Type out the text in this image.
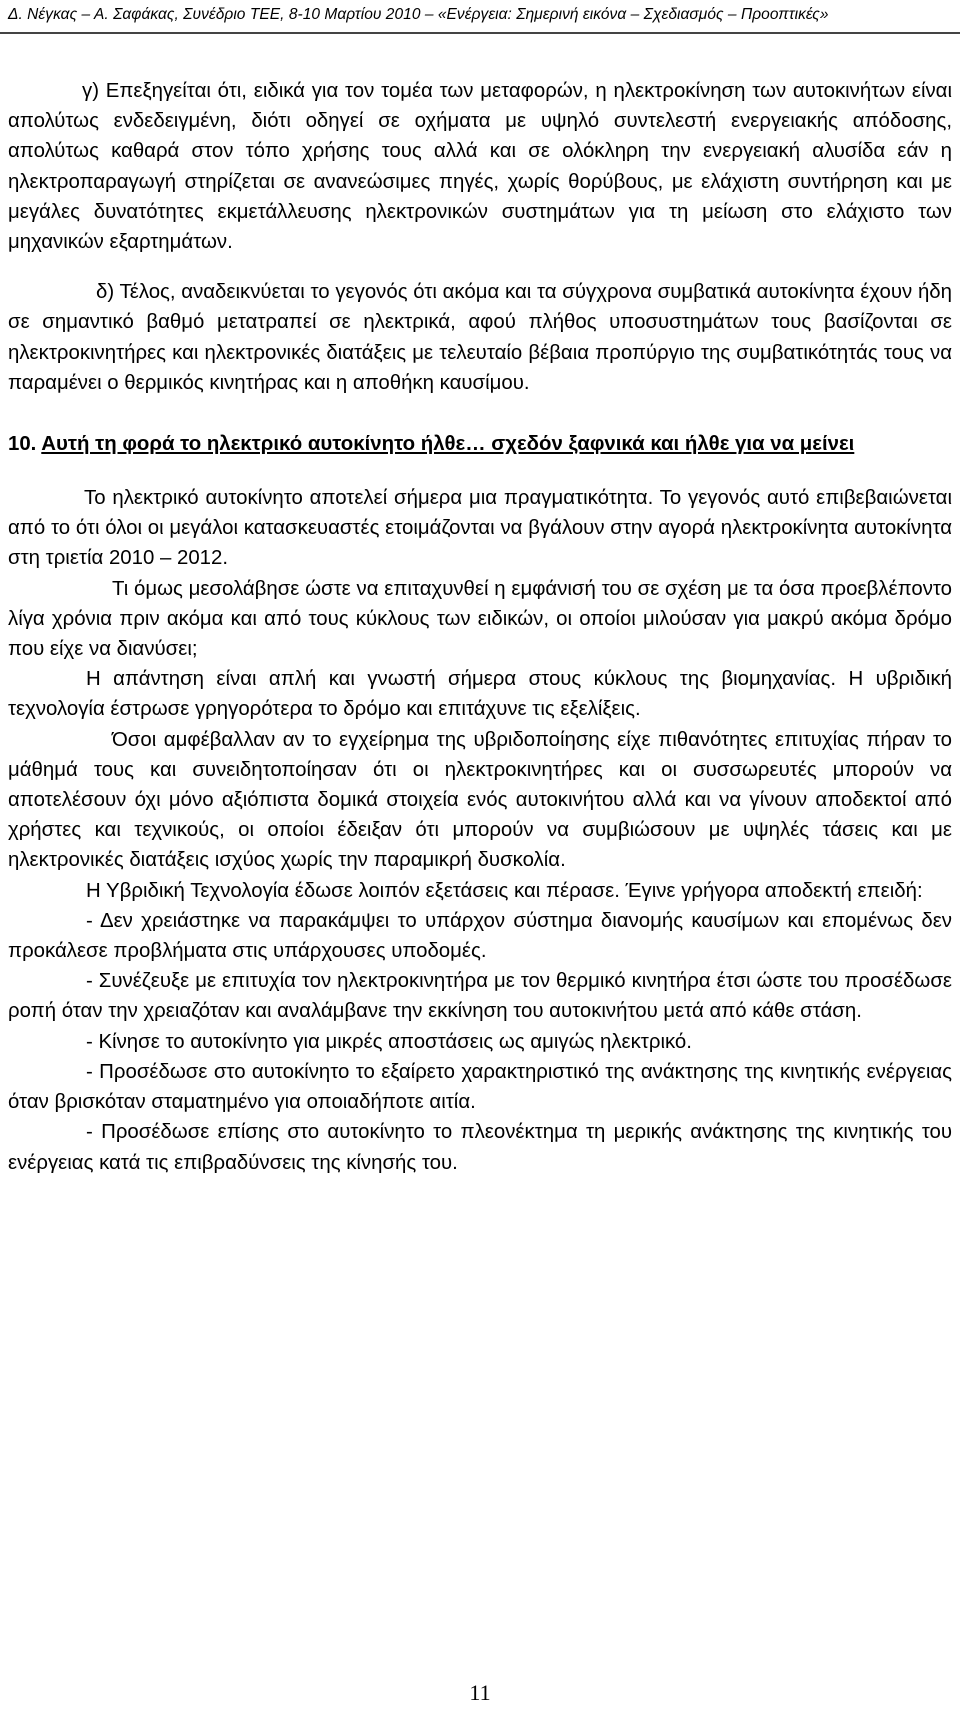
Δ. Νέγκας – Α. Σαφάκας, Συνέδριο ΤΕΕ, 8-10 Μαρτίου 2010 – «Ενέργεια: Σημερινή εικόνα – Σχεδιασμός – Προοπτικές»

γ) Επεξηγείται ότι, ειδικά για τον τομέα των μεταφορών, η ηλεκτροκίνηση των αυτοκινήτων είναι απολύτως ενδεδειγμένη, διότι οδηγεί σε οχήματα με υψηλό συντελεστή ενεργειακής απόδοσης, απολύτως καθαρά στον τόπο χρήσης τους αλλά και σε ολόκληρη την ενεργειακή αλυσίδα εάν η ηλεκτροπαραγωγή στηρίζεται σε ανανεώσιμες πηγές, χωρίς θορύβους, με ελάχιστη συντήρηση και με μεγάλες δυνατότητες εκμετάλλευσης ηλεκτρονικών συστημάτων για τη μείωση στο ελάχιστο των μηχανικών εξαρτημάτων.

δ) Τέλος, αναδεικνύεται το γεγονός ότι ακόμα και τα σύγχρονα συμβατικά αυτοκίνητα έχουν ήδη σε σημαντικό βαθμό μετατραπεί σε ηλεκτρικά, αφού πλήθος υποσυστημάτων τους βασίζονται σε ηλεκτροκινητήρες και ηλεκτρονικές διατάξεις με τελευταίο βέβαια προπύργιο της συμβατικότητάς τους να παραμένει ο θερμικός κινητήρας και η αποθήκη καυσίμου.

10. Αυτή τη φορά το ηλεκτρικό αυτοκίνητο ήλθε… σχεδόν ξαφνικά και ήλθε για να μείνει

Το ηλεκτρικό αυτοκίνητο αποτελεί σήμερα μια πραγματικότητα. Το γεγονός αυτό επιβεβαιώνεται από το ότι όλοι οι μεγάλοι κατασκευαστές ετοιμάζονται να βγάλουν στην αγορά ηλεκτροκίνητα αυτοκίνητα στη τριετία 2010 – 2012.

Τι όμως μεσολάβησε ώστε να επιταχυνθεί η εμφάνισή του σε σχέση με τα όσα προεβλέποντο λίγα χρόνια πριν ακόμα και από τους κύκλους των ειδικών, οι οποίοι μιλούσαν για μακρύ ακόμα δρόμο που είχε να διανύσει;

Η απάντηση είναι απλή και γνωστή σήμερα στους κύκλους της βιομηχανίας. Η υβριδική τεχνολογία έστρωσε γρηγορότερα το δρόμο και επιτάχυνε τις εξελίξεις.

Όσοι αμφέβαλλαν αν το εγχείρημα της υβριδοποίησης είχε πιθανότητες επιτυχίας πήραν το μάθημά τους και συνειδητοποίησαν ότι οι ηλεκτροκινητήρες και οι συσσωρευτές μπορούν να αποτελέσουν όχι μόνο αξιόπιστα δομικά στοιχεία ενός αυτοκινήτου αλλά και να γίνουν αποδεκτοί από χρήστες και τεχνικούς, οι οποίοι έδειξαν ότι μπορούν να συμβιώσουν με υψηλές τάσεις και με ηλεκτρονικές διατάξεις ισχύος χωρίς την παραμικρή δυσκολία.

Η Υβριδική Τεχνολογία έδωσε λοιπόν εξετάσεις και πέρασε. Έγινε γρήγορα αποδεκτή επειδή:

- Δεν χρειάστηκε να παρακάμψει το υπάρχον σύστημα διανομής καυσίμων και επομένως δεν προκάλεσε προβλήματα στις υπάρχουσες υποδομές.

- Συνέζευξε με επιτυχία τον ηλεκτροκινητήρα με τον θερμικό κινητήρα έτσι ώστε του προσέδωσε ροπή όταν την χρειαζόταν και αναλάμβανε την εκκίνηση του αυτοκινήτου μετά από κάθε στάση.

- Κίνησε το αυτοκίνητο για μικρές αποστάσεις ως αμιγώς ηλεκτρικό.

- Προσέδωσε στο αυτοκίνητο το εξαίρετο χαρακτηριστικό της ανάκτησης της κινητικής ενέργειας όταν βρισκόταν σταματημένο για οποιαδήποτε αιτία.

- Προσέδωσε επίσης στο αυτοκίνητο το πλεονέκτημα τη μερικής ανάκτησης της κινητικής του ενέργειας κατά τις επιβραδύνσεις της κίνησής του.

11
